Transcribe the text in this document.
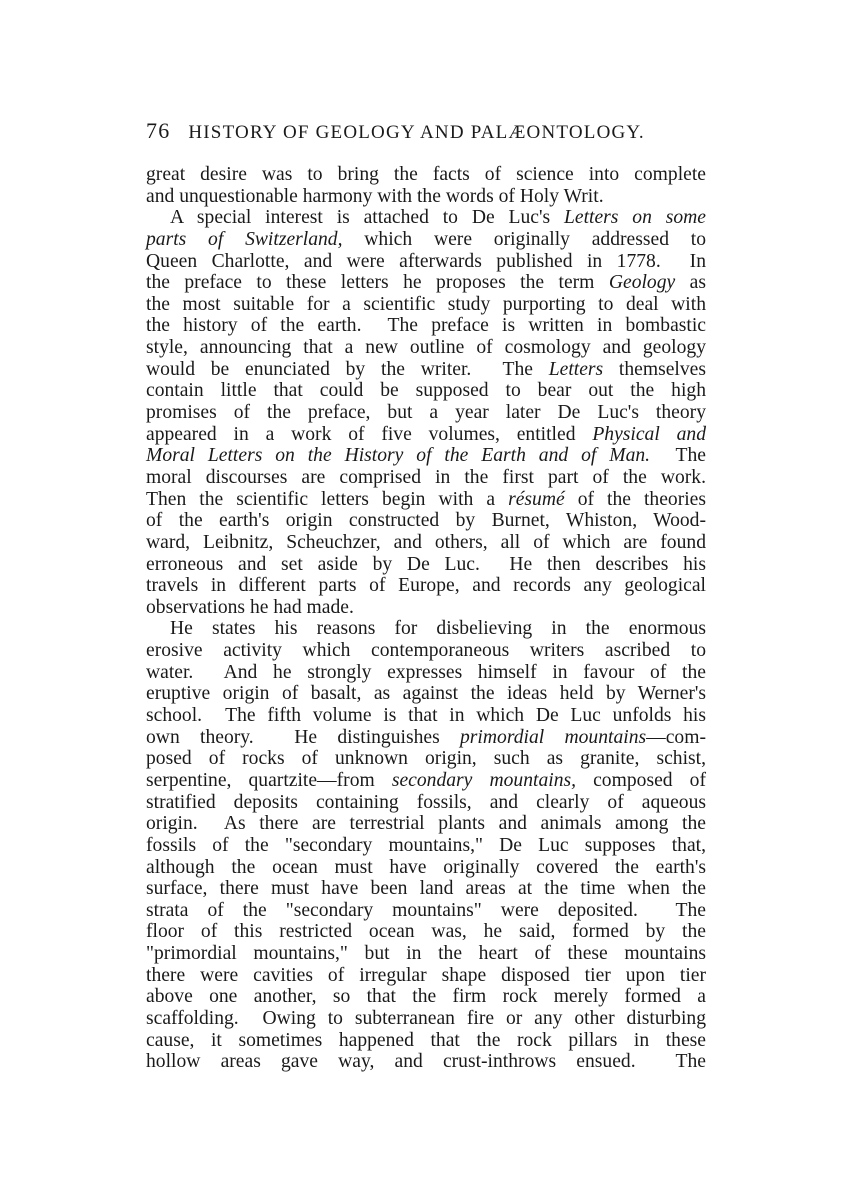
76 HISTORY OF GEOLOGY AND PALÆONTOLOGY.
great desire was to bring the facts of science into complete
and unquestionable harmony with the words of Holy Writ.
A special interest is attached to De Luc's Letters on some
parts of Switzerland, which were originally addressed to
Queen Charlotte, and were afterwards published in 1778.  In
the preface to these letters he proposes the term Geology as
the most suitable for a scientific study purporting to deal with
the history of the earth.  The preface is written in bombastic
style, announcing that a new outline of cosmology and geology
would be enunciated by the writer.  The Letters themselves
contain little that could be supposed to bear out the high
promises of the preface, but a year later De Luc's theory
appeared in a work of five volumes, entitled Physical and
Moral Letters on the History of the Earth and of Man.  The
moral discourses are comprised in the first part of the work.
Then the scientific letters begin with a résumé of the theories
of the earth's origin constructed by Burnet, Whiston, Wood-
ward, Leibnitz, Scheuchzer, and others, all of which are found
erroneous and set aside by De Luc.  He then describes his
travels in different parts of Europe, and records any geological
observations he had made.
He states his reasons for disbelieving in the enormous
erosive activity which contemporaneous writers ascribed to
water.  And he strongly expresses himself in favour of the
eruptive origin of basalt, as against the ideas held by Werner's
school.  The fifth volume is that in which De Luc unfolds his
own theory.  He distinguishes primordial mountains—com-
posed of rocks of unknown origin, such as granite, schist,
serpentine, quartzite—from secondary mountains, composed of
stratified deposits containing fossils, and clearly of aqueous
origin.  As there are terrestrial plants and animals among the
fossils of the "secondary mountains," De Luc supposes that,
although the ocean must have originally covered the earth's
surface, there must have been land areas at the time when the
strata of the "secondary mountains" were deposited.  The
floor of this restricted ocean was, he said, formed by the
"primordial mountains," but in the heart of these mountains
there were cavities of irregular shape disposed tier upon tier
above one another, so that the firm rock merely formed a
scaffolding.  Owing to subterranean fire or any other disturbing
cause, it sometimes happened that the rock pillars in these
hollow areas gave way, and crust-inthrows ensued.  The
